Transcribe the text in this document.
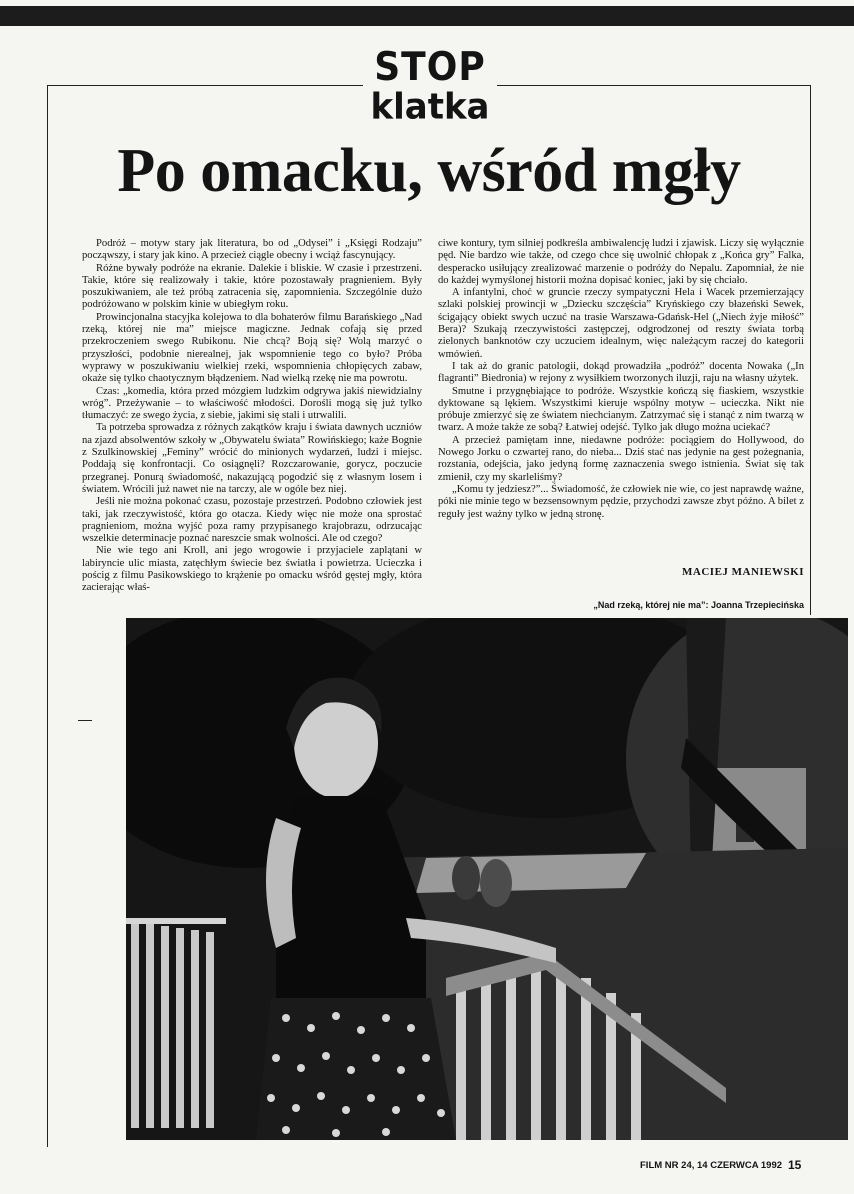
STOP
klatka
Po omacku, wśród mgły

Podróż – motyw stary jak literatura, bo od „Odysei” i „Księgi Rodzaju” począwszy, i stary jak kino. A przecież ciągle obecny i wciąż fascynujący.

Różne bywały podróże na ekranie. Dalekie i bliskie. W czasie i przestrzeni. Takie, które się realizowały i takie, które pozostawały pragnieniem. Były poszukiwaniem, ale też próbą zatracenia się, zapomnienia. Szczególnie dużo podróżowano w polskim kinie w ubiegłym roku.

Prowincjonalna stacyjka kolejowa to dla bohaterów filmu Barańskiego „Nad rzeką, której nie ma” miejsce magiczne. Jednak cofają się przed przekroczeniem swego Rubikonu. Nie chcą? Boją się? Wolą marzyć o przyszłości, podobnie nierealnej, jak wspomnienie tego co było? Próba wyprawy w poszukiwaniu wielkiej rzeki, wspomnienia chłopięcych zabaw, okaże się tylko chaotycznym błądzeniem. Nad wielką rzekę nie ma powrotu.

Czas: „komedia, która przed mózgiem ludzkim odgrywa jakiś niewidzialny wróg”. Przeżywanie – to właściwość młodości. Dorośli mogą się już tylko tłumaczyć: ze swego życia, z siebie, jakimi się stali i utrwalili.

Ta potrzeba sprowadza z różnych zakątków kraju i świata dawnych uczniów na zjazd absolwentów szkoły w „Obywatelu świata” Rowińskiego; każe Bognie z Szulkinowskiej „Feminy” wrócić do minionych wydarzeń, ludzi i miejsc. Poddają się konfrontacji. Co osiągnęli? Rozczarowanie, gorycz, poczucie przegranej. Ponurą świadomość, nakazującą pogodzić się z własnym losem i światem. Wrócili już nawet nie na tarczy, ale w ogóle bez niej.

Jeśli nie można pokonać czasu, pozostaje przestrzeń. Podobno człowiek jest taki, jak rzeczywistość, która go otacza. Kiedy więc nie może ona sprostać pragnieniom, można wyjść poza ramy przypisanego krajobrazu, odrzucając wszelkie determinacje poznać nareszcie smak wolności. Ale od czego?

Nie wie tego ani Kroll, ani jego wrogowie i przyjaciele zaplątani w labiryncie ulic miasta, zatęchłym świecie bez światła i powietrza. Ucieczka i pościg z filmu Pasikowskiego to krążenie po omacku wśród gęstej mgły, która zacierając właś-

ciwe kontury, tym silniej podkreśla ambiwalencję ludzi i zjawisk. Liczy się wyłącznie pęd. Nie bardzo wie także, od czego chce się uwolnić chłopak z „Końca gry” Falka, desperacko usiłujący zrealizować marzenie o podróży do Nepalu. Zapomniał, że nie do każdej wymyślonej historii można dopisać koniec, jaki by się chciało.

A infantylni, choć w gruncie rzeczy sympatyczni Hela i Wacek przemierzający szlaki polskiej prowincji w „Dziecku szczęścia” Kryńskiego czy błazeński Sewek, ścigający obiekt swych uczuć na trasie Warszawa-Gdańsk-Hel („Niech żyje miłość” Bera)? Szukają rzeczywistości zastępczej, odgrodzonej od reszty świata torbą zielonych banknotów czy uczuciem idealnym, więc należącym raczej do kategorii wmówień.

I tak aż do granic patologii, dokąd prowadziła „podróż” docenta Nowaka („In flagranti” Biedronia) w rejony z wysiłkiem tworzonych iluzji, raju na własny użytek.

Smutne i przygnębiające to podróże. Wszystkie kończą się fiaskiem, wszystkie dyktowane są lękiem. Wszystkimi kieruje wspólny motyw – ucieczka. Nikt nie próbuje zmierzyć się ze światem niechcianym. Zatrzymać się i stanąć z nim twarzą w twarz. A może także ze sobą? Łatwiej odejść. Tylko jak długo można uciekać?

A przecież pamiętam inne, niedawne podróże: pociągiem do Hollywood, do Nowego Jorku o czwartej rano, do nieba... Dziś stać nas jedynie na gest pożegnania, rozstania, odejścia, jako jedyną formę zaznaczenia swego istnienia. Świat się tak zmienił, czy my skarleliśmy?

„Komu ty jedziesz?”... Świadomość, że człowiek nie wie, co jest naprawdę ważne, póki nie minie tego w bezsensownym pędzie, przychodzi zawsze zbyt późno. A bilet z reguły jest ważny tylko w jedną stronę.

MACIEJ MANIEWSKI
„Nad rzeką, której nie ma”: Joanna Trzepiecińska
FILM NR 24, 14 CZERWCA 1992 15
